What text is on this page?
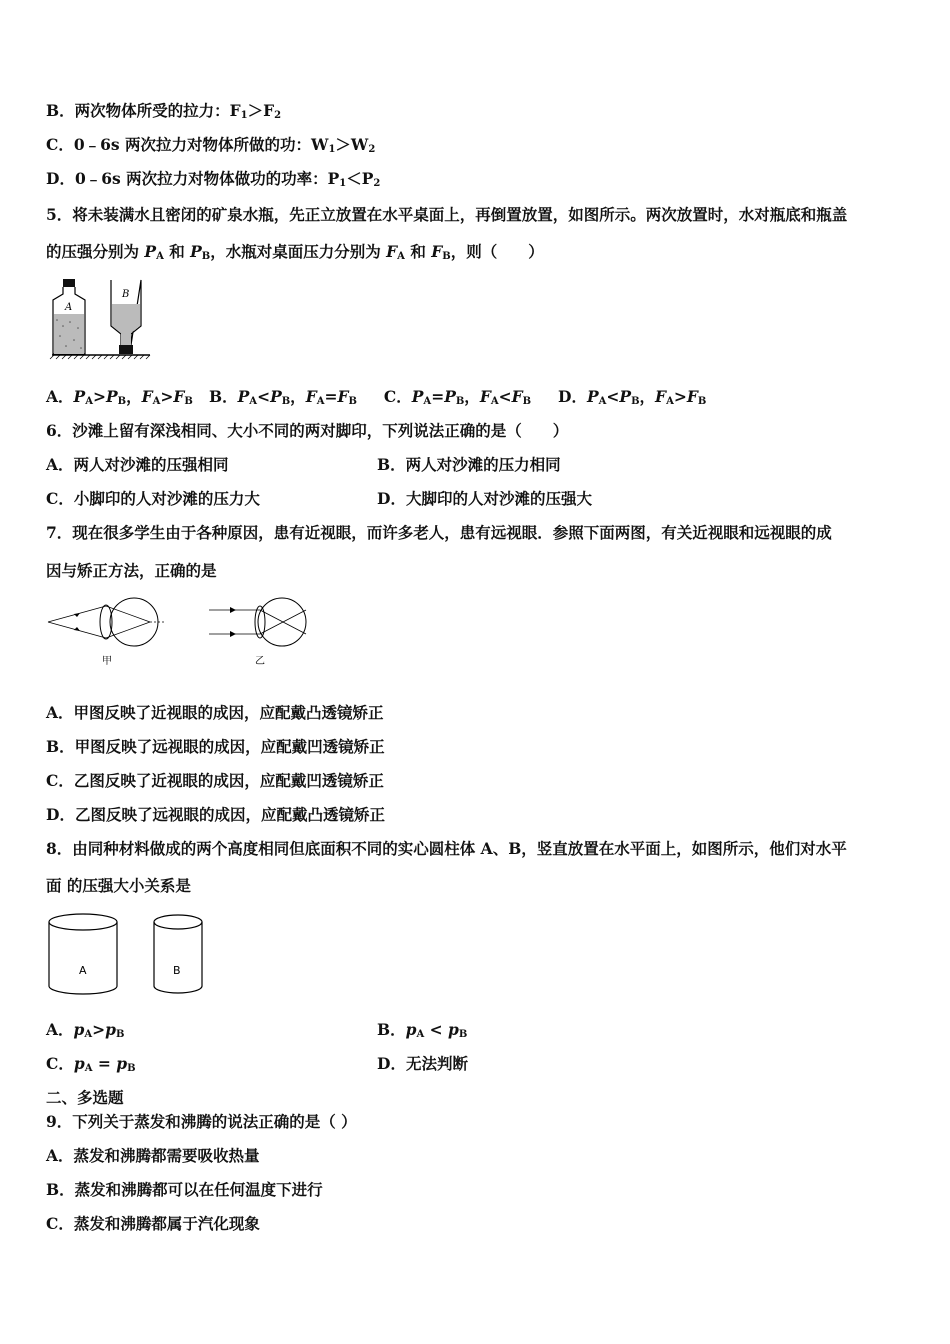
B．两次物体所受的拉力：$F_1>F_2$
C．0﹣6s 两次拉力对物体所做的功：$W_1>W_2$
D．0﹣6s 两次拉力对物体做功的功率：$P_1<P_2$
5．将未装满水且密闭的矿泉水瓶，先正立放置在水平桌面上，再倒置放置，如图所示。两次放置时，水对瓶底和瓶盖
的压强分别为 $P_A$ 和 $P_B$，水瓶对桌面压力分别为 $F_A$ 和 $F_B$，则（　　）
A
B
A．$P_A>P_B$，$F_A>F_B$ B．$P_A<P_B$，$F_A=F_B$ C．$P_A=P_B$，$F_A<F_B$ D．$P_A<P_B$，$F_A>F_B$
6．沙滩上留有深浅相同、大小不同的两对脚印，下列说法正确的是（　　）
A．两人对沙滩的压强相同	B．两人对沙滩的压力相同
C．小脚印的人对沙滩的压力大	D．大脚印的人对沙滩的压强大
7．现在很多学生由于各种原因，患有近视眼，而许多老人，患有远视眼．参照下面两图，有关近视眼和远视眼的成
因与矫正方法，正确的是
甲	乙
A．甲图反映了近视眼的成因，应配戴凸透镜矫正
B．甲图反映了远视眼的成因，应配戴凹透镜矫正
C．乙图反映了近视眼的成因，应配戴凹透镜矫正
D．乙图反映了远视眼的成因，应配戴凸透镜矫正
8．由同种材料做成的两个高度相同但底面积不同的实心圆柱体 A、B，竖直放置在水平面上，如图所示，他们对水平
面 的压强大小关系是
A	B
A．$p_A>p_B$	B．$p_A < p_B$
C．$p_A = p_B$	D．无法判断
二、多选题
9．下列关于蒸发和沸腾的说法正确的是（ ）
A．蒸发和沸腾都需要吸收热量
B．蒸发和沸腾都可以在任何温度下进行
C．蒸发和沸腾都属于汽化现象
